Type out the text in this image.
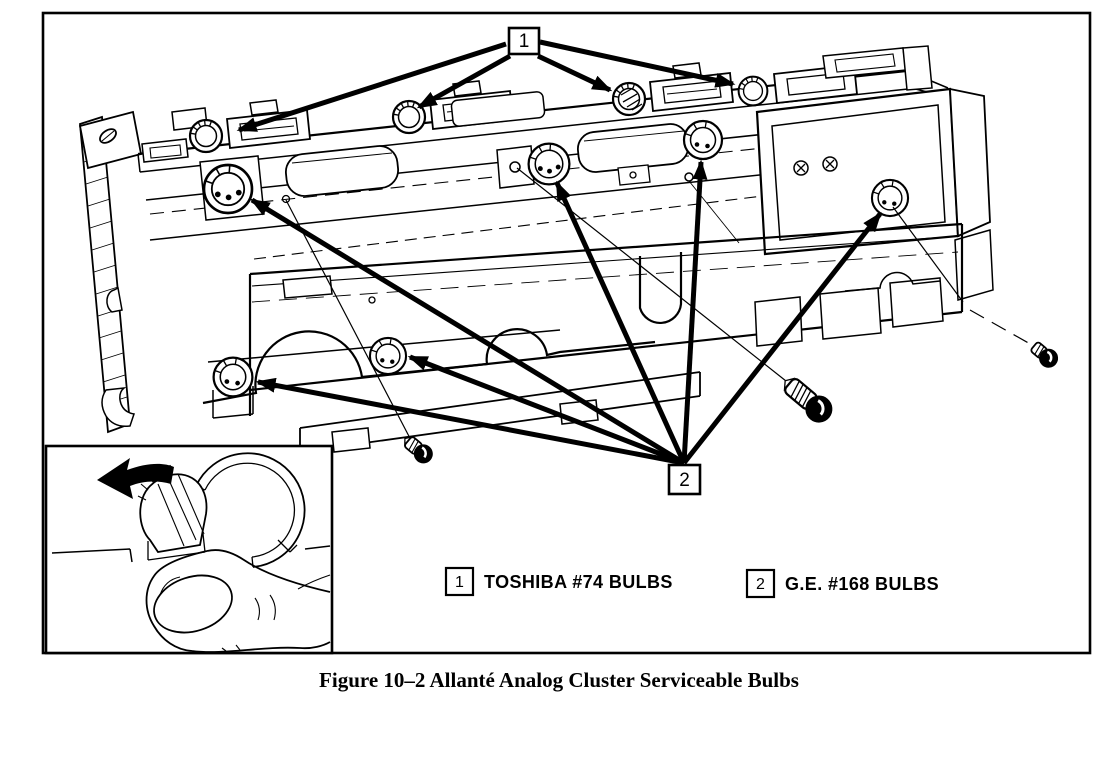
1
2
1 TOSHIBA #74 BULBS	2 G.E. #168 BULBS
Figure 10–2 Allanté Analog Cluster Serviceable Bulbs
